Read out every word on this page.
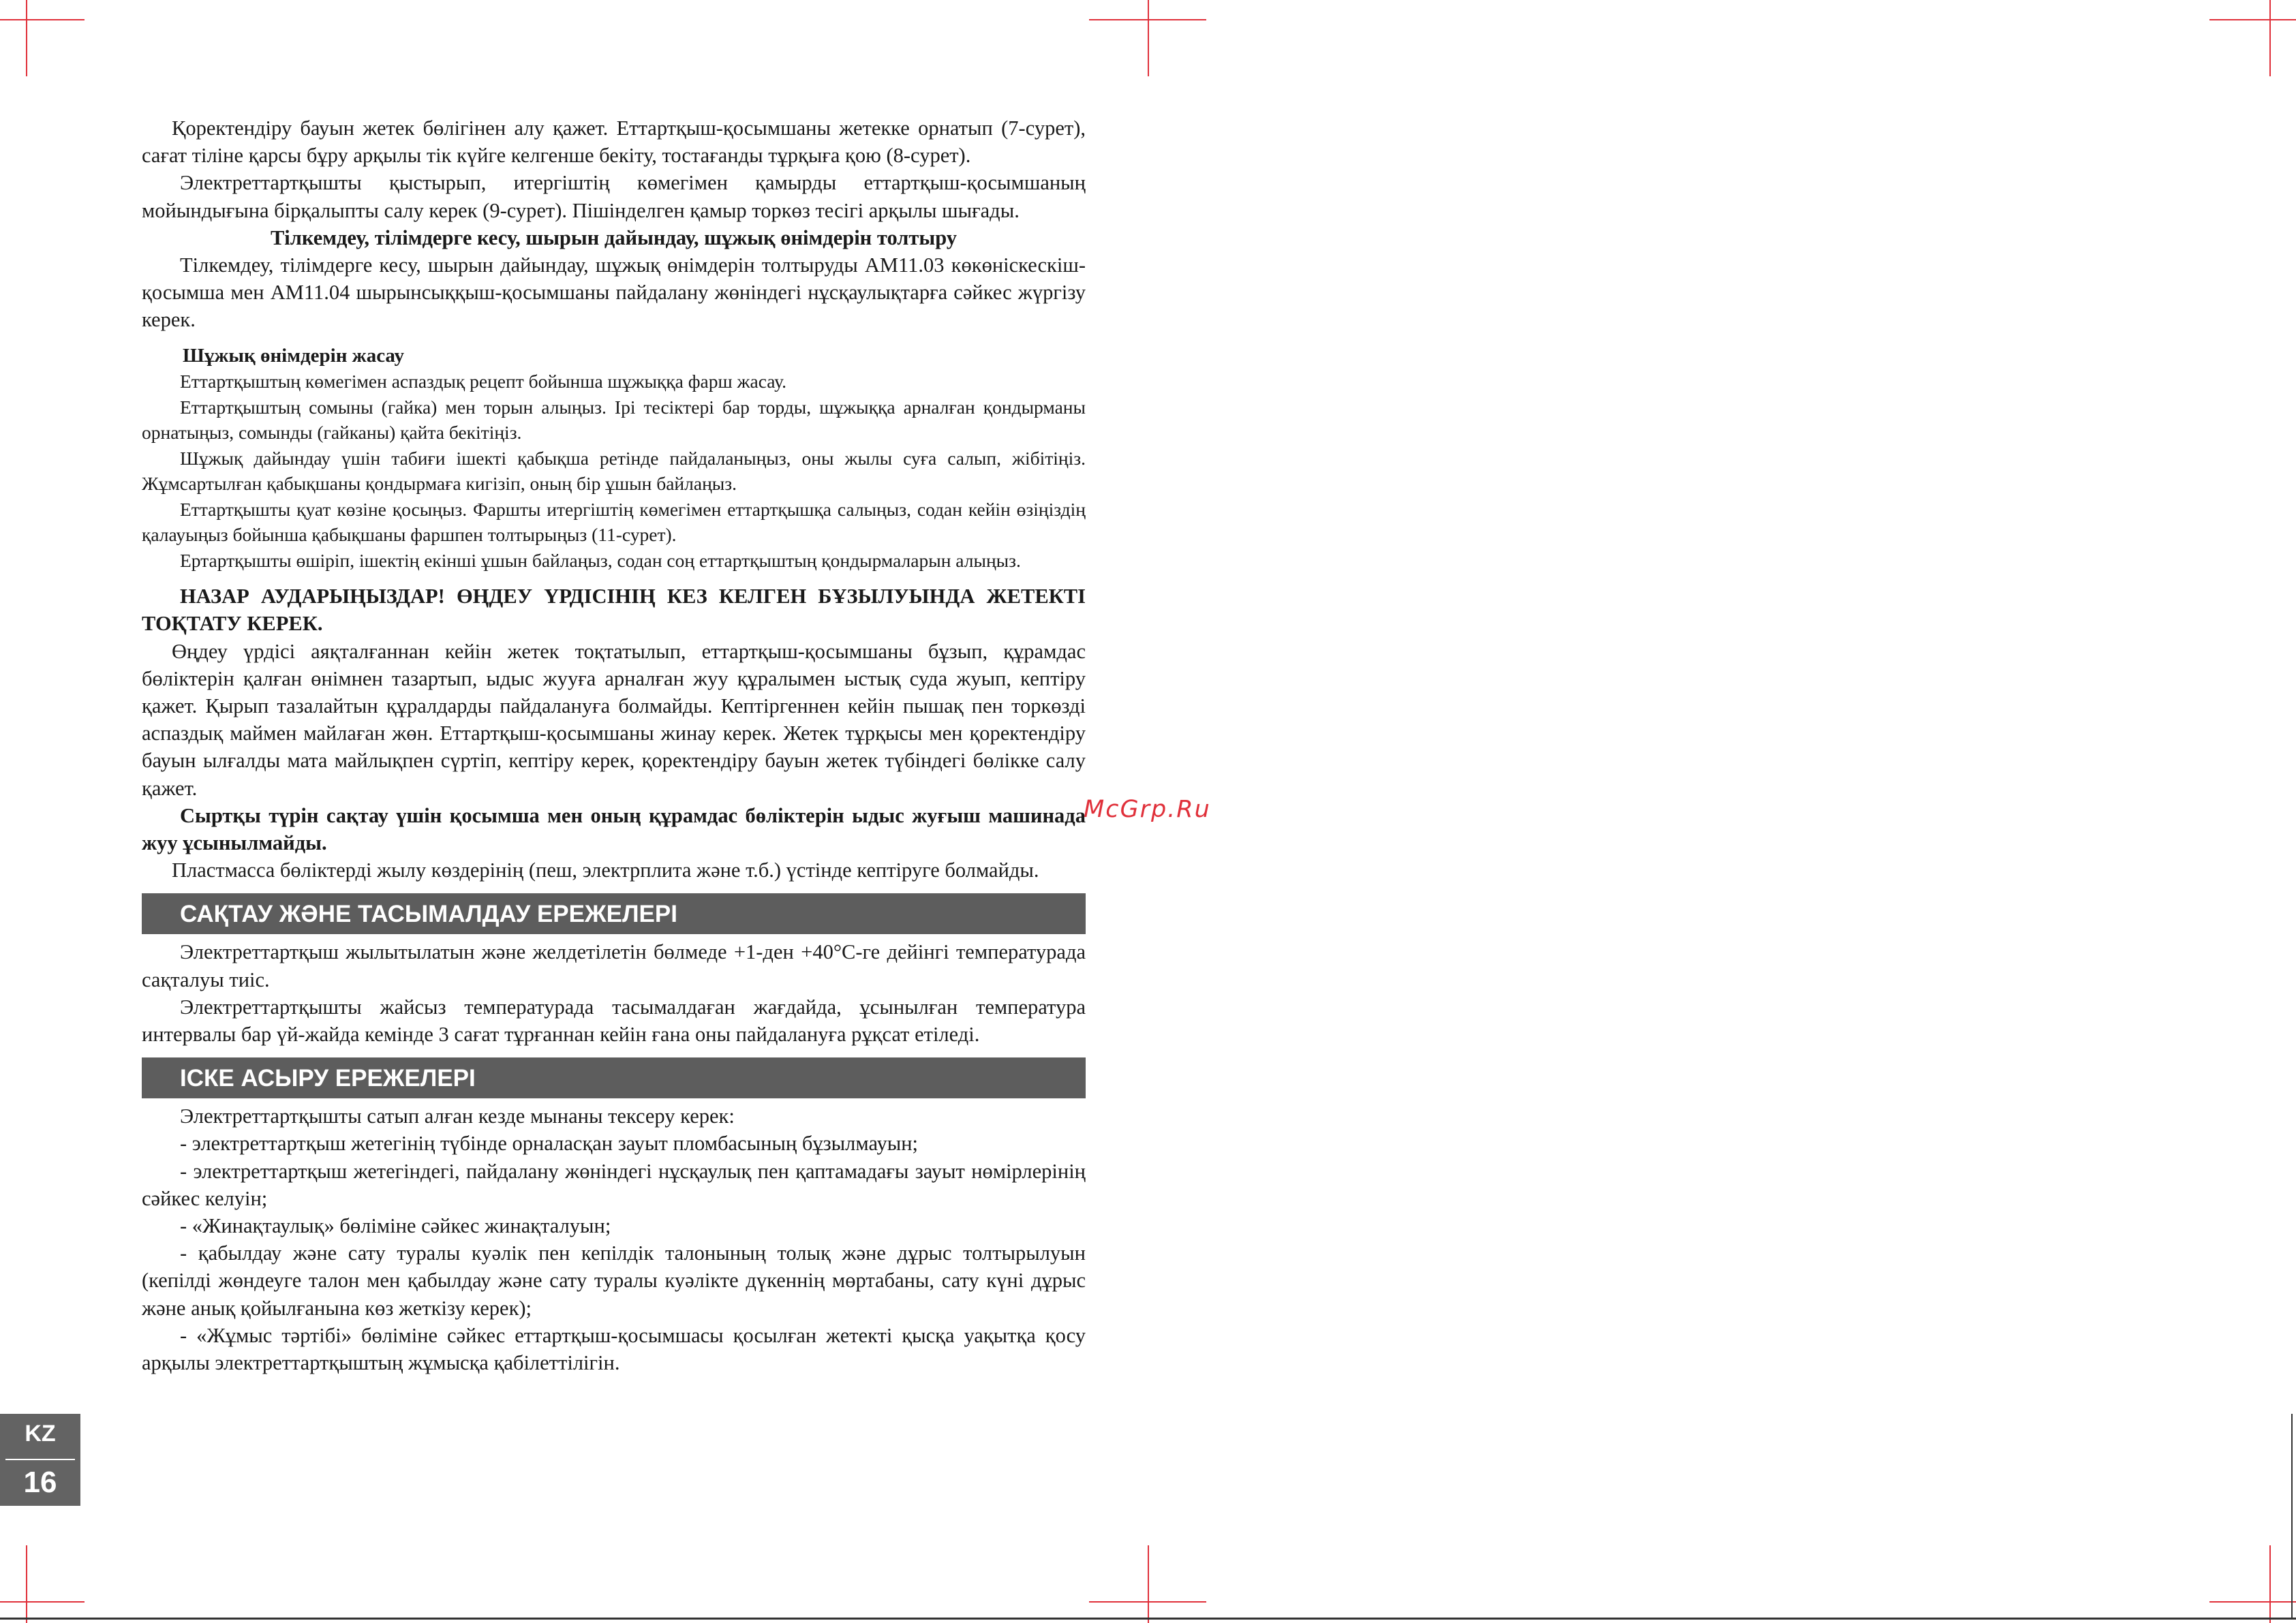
Қоректендіру бауын жетек бөлігінен алу қажет. Еттартқыш-қосымшаны жетекке орнатып (7-сурет), сағат тіліне қарсы бұру арқылы тік күйге келгенше бекіту, тостағанды тұрқыға қою (8-сурет).

Электреттартқышты қыстырып, итергіштің көмегімен қамырды еттартқыш-қосымшаның мойындығына бірқалыпты салу керек (9-сурет). Пішінделген қамыр торкөз тесігі арқылы шығады.

Тілкемдеу, тілімдерге кесу, шырын дайындау, шұжық өнімдерін толтыру

Тілкемдеу, тілімдерге кесу, шырын дайындау, шұжық өнімдерін толтыруды АМ11.03 көкөніскескіш-қосымша мен АМ11.04 шырынсыққыш-қосымшаны пайдалану жөніндегі нұсқаулықтарға сәйкес жүргізу керек.

Шұжық өнімдерін жасау

Еттартқыштың көмегімен аспаздық рецепт бойынша шұжыққа фарш жасау.

Еттартқыштың сомыны (гайка) мен торын алыңыз. Ірі тесіктері бар торды, шұжыққа арналған қондырманы орнатыңыз, сомынды (гайканы) қайта бекітіңіз.

Шұжық дайындау үшін табиғи ішекті қабықша ретінде пайдаланыңыз, оны жылы суға салып, жібітіңіз. Жұмсартылған қабықшаны қондырмаға кигізіп, оның бір ұшын байлаңыз.

Еттартқышты қуат көзіне қосыңыз. Фаршты итергіштің көмегімен еттартқышқа салыңыз, содан кейін өзіңіздің қалауыңыз бойынша қабықшаны фаршпен толтырыңыз (11-сурет).

Ертартқышты өшіріп, ішектің екінші ұшын байлаңыз, содан соң еттартқыштың қондырмаларын алыңыз.

НАЗАР АУДАРЫҢЫЗДАР! ӨҢДЕУ ҮРДІСІНІҢ КЕЗ КЕЛГЕН БҰЗЫЛУЫНДА ЖЕТЕКТІ ТОҚТАТУ КЕРЕК.

Өңдеу үрдісі аяқталғаннан кейін жетек тоқтатылып, еттартқыш-қосымшаны бұзып, құрамдас бөліктерін қалған өнімнен тазартып, ыдыс жууға арналған жуу құралымен ыстық суда жуып, кептіру қажет. Қырып тазалайтын құралдарды пайдалануға болмайды. Кептіргеннен кейін пышақ пен торкөзді аспаздық маймен майлаған жөн. Еттартқыш-қосымшаны жинау керек. Жетек тұрқысы мен қоректендіру бауын ылғалды мата майлықпен сүртіп, кептіру керек, қоректендіру бауын жетек түбіндегі бөлікке салу қажет.

Сыртқы түрін сақтау үшін қосымша мен оның құрамдас бөліктерін ыдыс жуғыш машинада жуу ұсынылмайды.

Пластмасса бөліктерді жылу көздерінің (пеш, электрплита және т.б.) үстінде кептіруге болмайды.

САҚТАУ ЖӘНЕ ТАСЫМАЛДАУ ЕРЕЖЕЛЕРІ

Электреттартқыш жылытылатын және желдетілетін бөлмеде +1-ден +40°С-ге дейінгі температурада сақталуы тиіс.

Электреттартқышты жайсыз температурада тасымалдаған жағдайда, ұсынылған температура интервалы бар үй-жайда кемінде 3 сағат тұрғаннан кейін ғана оны пайдалануға рұқсат етіледі.

ІСКЕ АСЫРУ ЕРЕЖЕЛЕРІ

Электреттартқышты сатып алған кезде мынаны тексеру керек:

- электреттартқыш жетегінің түбінде орналасқан зауыт пломбасының бұзылмауын;

- электреттартқыш жетегіндегі, пайдалану жөніндегі нұсқаулық пен қаптамадағы зауыт нөмірлерінің сәйкес келуін;

- «Жинақтаулық» бөліміне сәйкес жинақталуын;

- қабылдау және сату туралы куәлік пен кепілдік талонының толық және дұрыс толтырылуын (кепілді жөндеуге талон мен қабылдау және сату туралы куәлікте дүкеннің мөртабаны, сату күні дұрыс және анық қойылғанына көз жеткізу керек);

- «Жұмыс тәртібі» бөліміне сәйкес еттартқыш-қосымшасы қосылған жетекті қысқа уақытқа қосу арқылы электреттартқыштың жұмысқа қабілеттілігін.

McGrp.Ru
KZ
16
